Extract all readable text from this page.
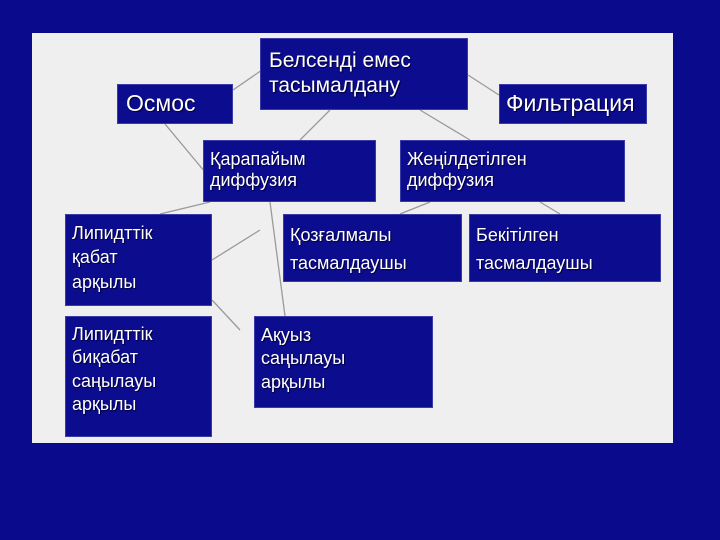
Белсенді емес
тасымалдану
Осмос	Фильтрация
Қарапайым
диффузия
Жеңілдетілген
диффузия
Липидттік
қабат
арқылы
Қозғалмалы
тасмалдаушы
Бекітілген
тасмалдаушы
Липидттік
биқабат
саңылауы
арқылы
Ақуыз
саңылауы
арқылы
